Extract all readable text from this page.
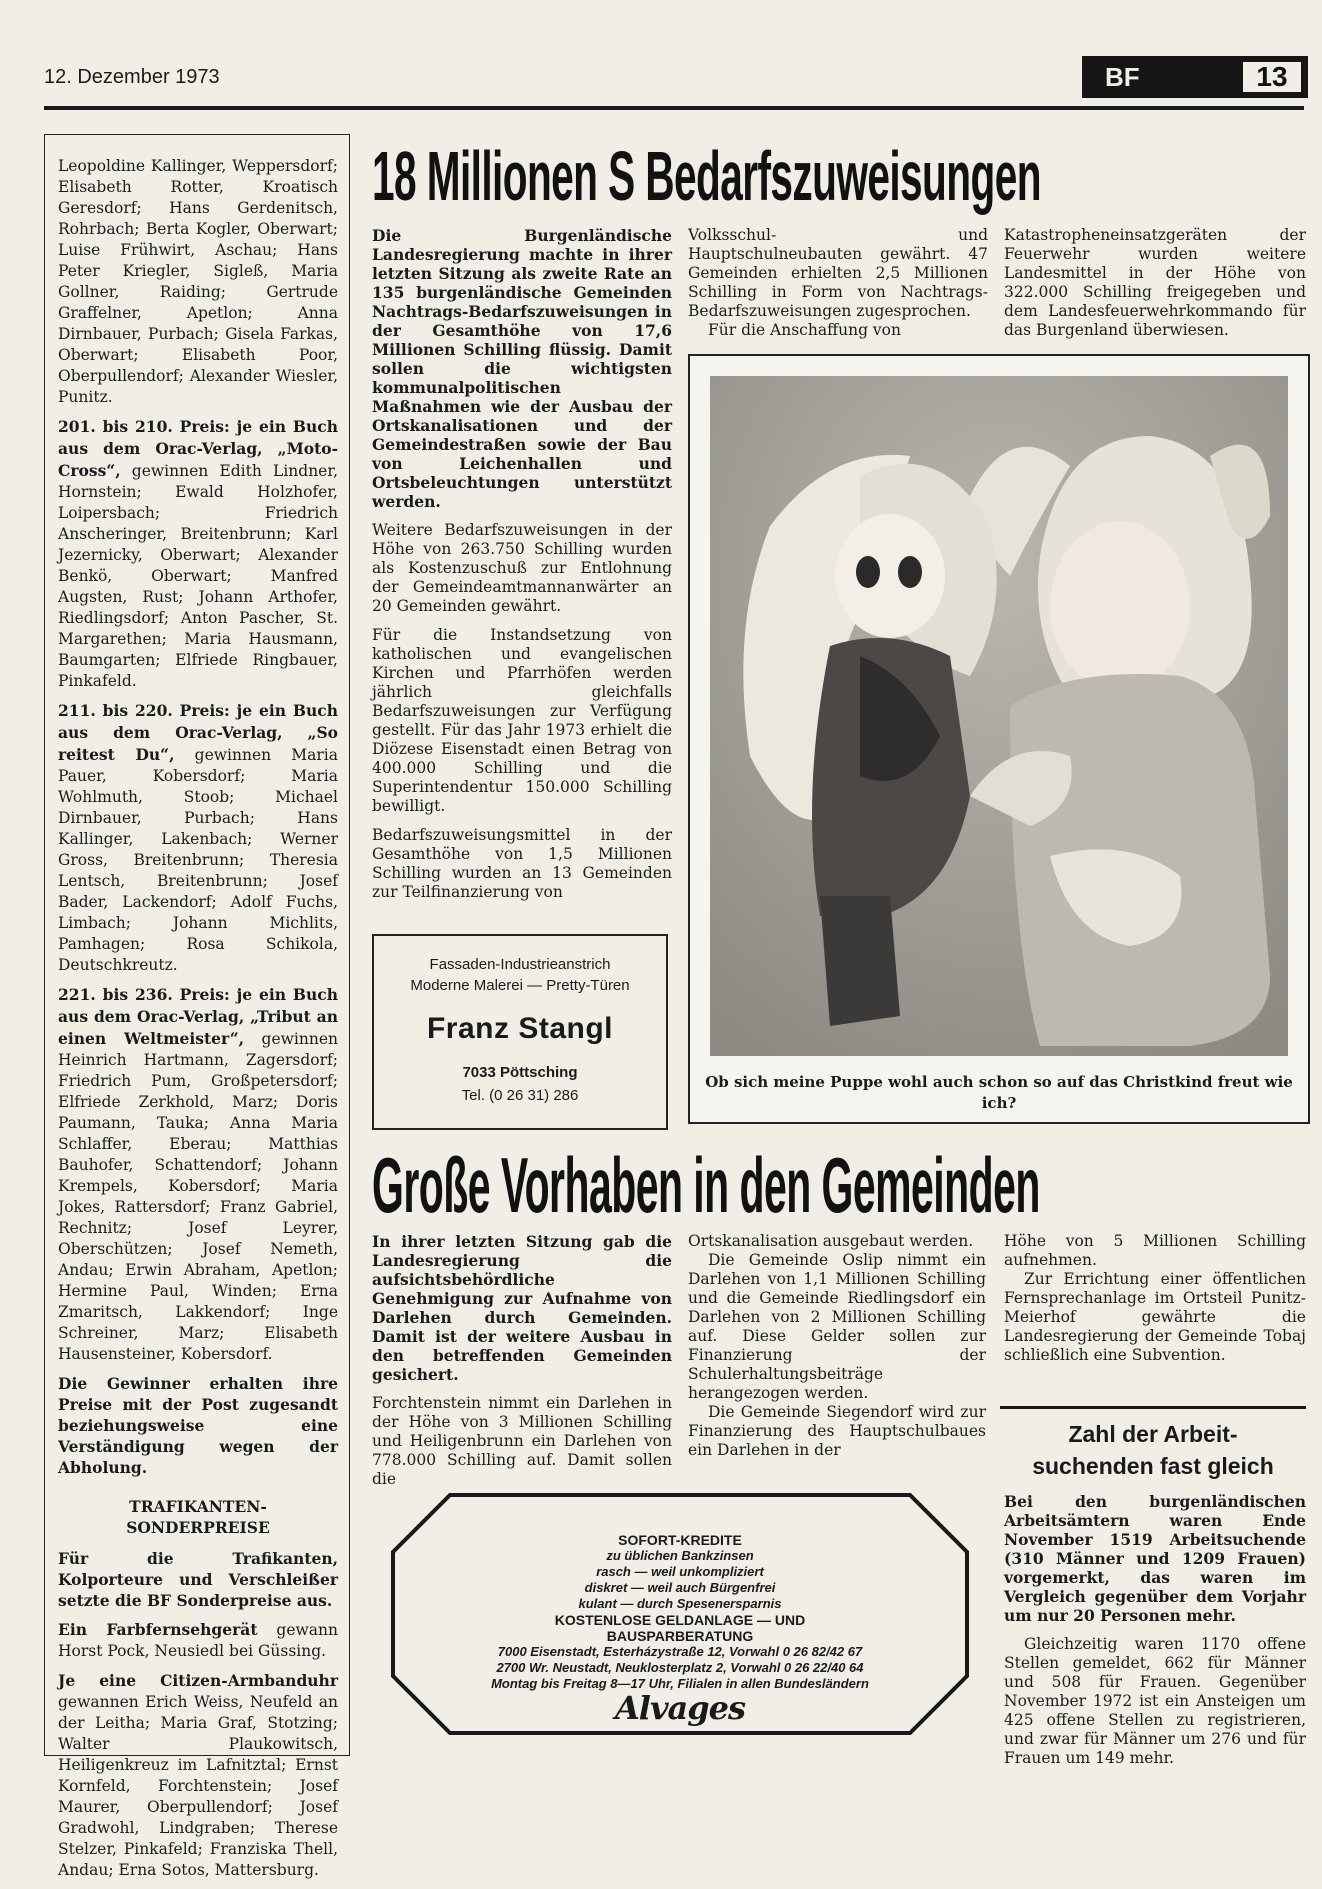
12. Dezember 1973	BF	13

Leopoldine Kallinger, Weppersdorf; Elisabeth Rotter, Kroatisch Geresdorf; Hans Gerdenitsch, Rohrbach; Berta Kogler, Oberwart; Luise Frühwirt, Aschau; Hans Peter Kriegler, Sigleß, Maria Gollner, Raiding; Gertrude Graffelner, Apetlon; Anna Dirnbauer, Purbach; Gisela Farkas, Oberwart; Elisabeth Poor, Oberpullendorf; Alexander Wiesler, Punitz.

201. bis 210. Preis: je ein Buch aus dem Orac-Verlag, „Moto-Cross“, gewinnen Edith Lindner, Hornstein; Ewald Holzhofer, Loipersbach; Friedrich Anscheringer, Breitenbrunn; Karl Jezernicky, Oberwart; Alexander Benkö, Oberwart; Manfred Augsten, Rust; Johann Arthofer, Riedlingsdorf; Anton Pascher, St. Margarethen; Maria Hausmann, Baumgarten; Elfriede Ringbauer, Pinkafeld.

211. bis 220. Preis: je ein Buch aus dem Orac-Verlag, „So reitest Du“, gewinnen Maria Pauer, Kobersdorf; Maria Wohlmuth, Stoob; Michael Dirnbauer, Purbach; Hans Kallinger, Lakenbach; Werner Gross, Breitenbrunn; Theresia Lentsch, Breitenbrunn; Josef Bader, Lackendorf; Adolf Fuchs, Limbach; Johann Michlits, Pamhagen; Rosa Schikola, Deutschkreutz.

221. bis 236. Preis: je ein Buch aus dem Orac-Verlag, „Tribut an einen Weltmeister“, gewinnen Heinrich Hartmann, Zagersdorf; Friedrich Pum, Großpetersdorf; Elfriede Zerkhold, Marz; Doris Paumann, Tauka; Anna Maria Schlaffer, Eberau; Matthias Bauhofer, Schattendorf; Johann Krempels, Kobersdorf; Maria Jokes, Rattersdorf; Franz Gabriel, Rechnitz; Josef Leyrer, Oberschützen; Josef Nemeth, Andau; Erwin Abraham, Apetlon; Hermine Paul, Winden; Erna Zmaritsch, Lakkendorf; Inge Schreiner, Marz; Elisabeth Hausensteiner, Kobersdorf.

Die Gewinner erhalten ihre Preise mit der Post zugesandt beziehungsweise eine Verständigung wegen der Abholung.

TRAFIKANTEN-SONDERPREISE

Für die Trafikanten, Kolporteure und Verschleißer setzte die BF Sonderpreise aus.

Ein Farbfernsehgerät gewann Horst Pock, Neusiedl bei Güssing.

Je eine Citizen-Armbanduhr gewannen Erich Weiss, Neufeld an der Leitha; Maria Graf, Stotzing; Walter Plaukowitsch, Heiligenkreuz im Lafnitztal; Ernst Kornfeld, Forchtenstein; Josef Maurer, Oberpullendorf; Josef Gradwohl, Lindgraben; Therese Stelzer, Pinkafeld; Franziska Thell, Andau; Erna Sotos, Mattersburg.

18 Millionen S Bedarfszuweisungen

Die Burgenländische Landesregierung machte in ihrer letzten Sitzung als zweite Rate an 135 burgenländische Gemeinden Nachtrags-Bedarfszuweisungen in der Gesamthöhe von 17,6 Millionen Schilling flüssig. Damit sollen die wichtigsten kommunalpolitischen Maßnahmen wie der Ausbau der Ortskanalisationen und der Gemeindestraßen sowie der Bau von Leichenhallen und Ortsbeleuchtungen unterstützt werden.

Weitere Bedarfszuweisungen in der Höhe von 263.750 Schilling wurden als Kostenzuschuß zur Entlohnung der Gemeindeamtmannanwärter an 20 Gemeinden gewährt.

Für die Instandsetzung von katholischen und evangelischen Kirchen und Pfarrhöfen werden jährlich gleichfalls Bedarfszuweisungen zur Verfügung gestellt. Für das Jahr 1973 erhielt die Diözese Eisenstadt einen Betrag von 400.000 Schilling und die Superintendentur 150.000 Schilling bewilligt.

Bedarfszuweisungsmittel in der Gesamthöhe von 1,5 Millionen Schilling wurden an 13 Gemeinden zur Teilfinanzierung von

Volksschul- und Hauptschulneubauten gewährt. 47 Gemeinden erhielten 2,5 Millionen Schilling in Form von Nachtrags-Bedarfszuweisungen zugesprochen.

Für die Anschaffung von

Katastropheneinsatzgeräten der Feuerwehr wurden weitere Landesmittel in der Höhe von 322.000 Schilling freigegeben und dem Landesfeuerwehrkommando für das Burgenland überwiesen.

Ob sich meine Puppe wohl auch schon so auf das Christkind freut wie ich?
Fassaden-Industrieanstrich
Moderne Malerei — Pretty-Türen
Franz Stangl
7033 Pöttsching
Tel. (0 26 31) 286
Große Vorhaben in den Gemeinden

In ihrer letzten Sitzung gab die Landesregierung die aufsichtsbehördliche Genehmigung zur Aufnahme von Darlehen durch Gemeinden. Damit ist der weitere Ausbau in den betreffenden Gemeinden gesichert.

Forchtenstein nimmt ein Darlehen in der Höhe von 3 Millionen Schilling und Heiligenbrunn ein Darlehen von 778.000 Schilling auf. Damit sollen die

Ortskanalisation ausgebaut werden.

Die Gemeinde Oslip nimmt ein Darlehen von 1,1 Millionen Schilling und die Gemeinde Riedlingsdorf ein Darlehen von 2 Millionen Schilling auf. Diese Gelder sollen zur Finanzierung der Schulerhaltungsbeiträge herangezogen werden.

Die Gemeinde Siegendorf wird zur Finanzierung des Hauptschulbaues ein Darlehen in der

Höhe von 5 Millionen Schilling aufnehmen.

Zur Errichtung einer öffentlichen Fernsprechanlage im Ortsteil Punitz-Meierhof gewährte die Landesregierung der Gemeinde Tobaj schließlich eine Subvention.

SOFORT-KREDITE
zu üblichen Bankzinsen
rasch — weil unkompliziert
diskret — weil auch Bürgenfrei
kulant — durch Spesenersparnis
KOSTENLOSE GELDANLAGE — UND BAUSPARBERATUNG
7000 Eisenstadt, Esterházystraße 12, Vorwahl 0 26 82/42 67
2700 Wr. Neustadt, Neuklosterplatz 2, Vorwahl 0 26 22/40 64
Montag bis Freitag 8—17 Uhr, Filialen in allen Bundesländern
Alvages
Zahl der Arbeit-
suchenden fast gleich

Bei den burgenländischen Arbeitsämtern waren Ende November 1519 Arbeitsuchende (310 Männer und 1209 Frauen) vorgemerkt, das waren im Vergleich gegenüber dem Vorjahr um nur 20 Personen mehr.

Gleichzeitig waren 1170 offene Stellen gemeldet, 662 für Männer und 508 für Frauen. Gegenüber November 1972 ist ein Ansteigen um 425 offene Stellen zu registrieren, und zwar für Männer um 276 und für Frauen um 149 mehr.
